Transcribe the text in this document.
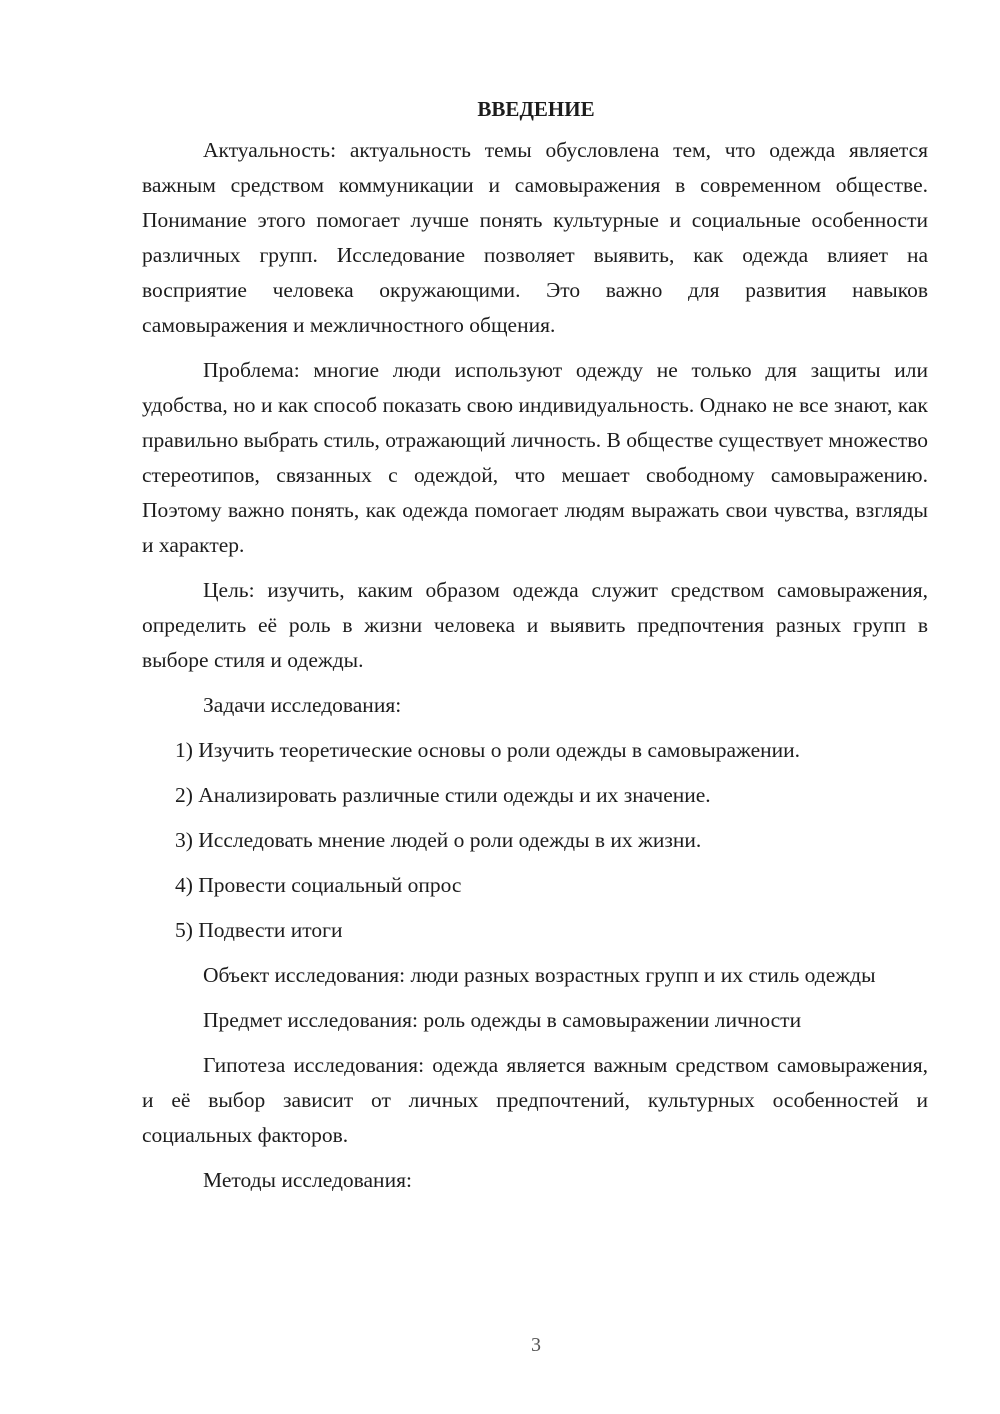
ВВЕДЕНИЕ

Актуальность: актуальность темы обусловлена тем, что одежда является важным средством коммуникации и самовыражения в современном обществе. Понимание этого помогает лучше понять культурные и социальные особенности различных групп. Исследование позволяет выявить, как одежда влияет на восприятие человека окружающими. Это важно для развития навыков самовыражения и межличностного общения.

Проблема: многие люди используют одежду не только для защиты или удобства, но и как способ показать свою индивидуальность. Однако не все знают, как правильно выбрать стиль, отражающий личность. В обществе существует множество стереотипов, связанных с одеждой, что мешает свободному самовыражению. Поэтому важно понять, как одежда помогает людям выражать свои чувства, взгляды и характер.

Цель: изучить, каким образом одежда служит средством самовыражения, определить её роль в жизни человека и выявить предпочтения разных групп в выборе стиля и одежды.

Задачи исследования:

1) Изучить теоретические основы о роли одежды в самовыражении.

2) Анализировать различные стили одежды и их значение.

3) Исследовать мнение людей о роли одежды в их жизни.

4) Провести социальный опрос

5) Подвести итоги

Объект исследования: люди разных возрастных групп и их стиль одежды

Предмет исследования: роль одежды в самовыражении личности

Гипотеза исследования: одежда является важным средством самовыражения, и её выбор зависит от личных предпочтений, культурных особенностей и социальных факторов.

Методы исследования:

3
